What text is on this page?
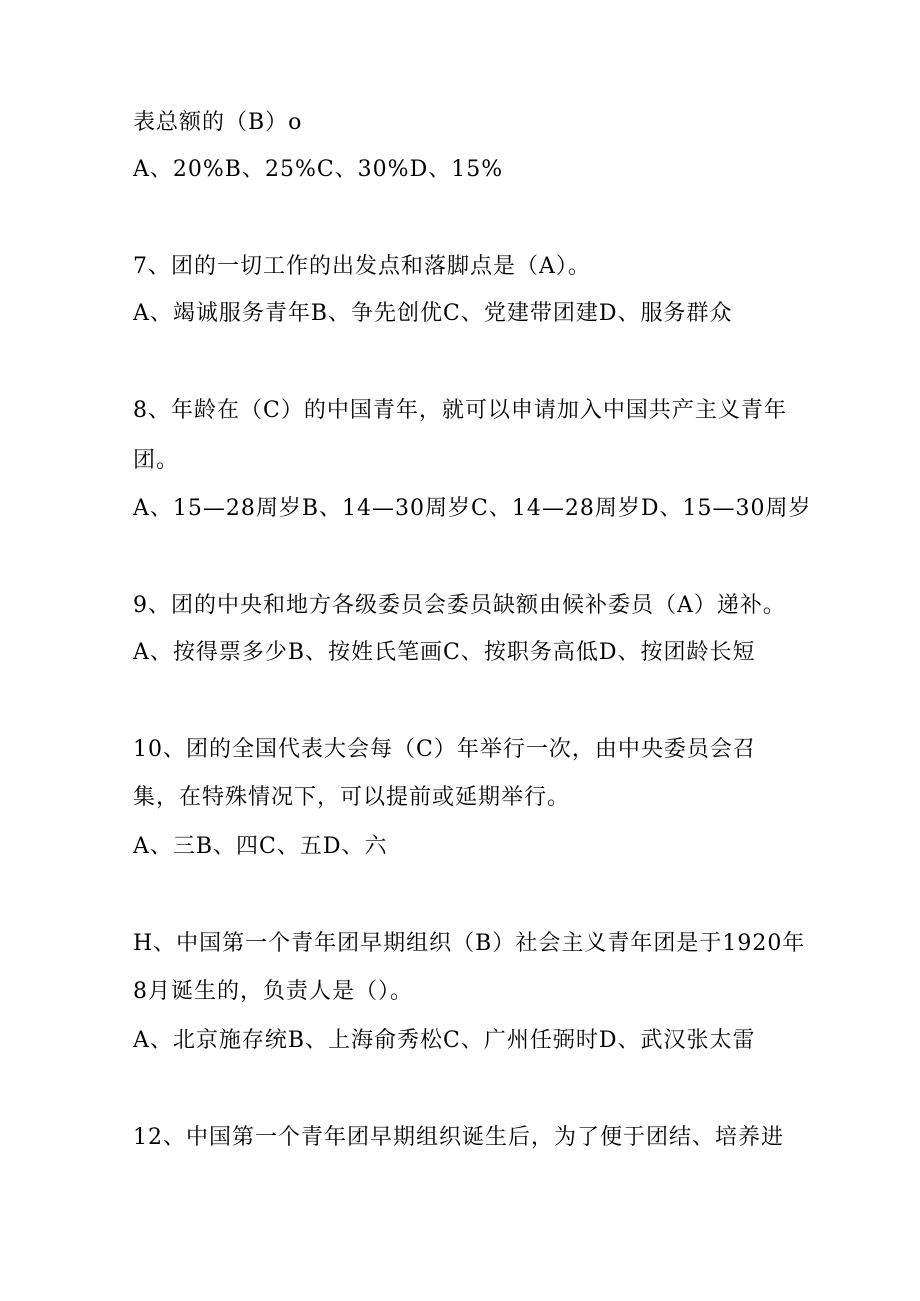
表总额的（B）o
A、20%B、25%C、30%D、15%
7、团的一切工作的出发点和落脚点是（A）。
A、竭诚服务青年B、争先创优C、党建带团建D、服务群众
8、年龄在（C）的中国青年，就可以申请加入中国共产主义青年
团。
A、15—28周岁B、14—30周岁C、14—28周岁D、15—30周岁
9、团的中央和地方各级委员会委员缺额由候补委员（A）递补。
A、按得票多少B、按姓氏笔画C、按职务高低D、按团龄长短
10、团的全国代表大会每（C）年举行一次，由中央委员会召
集，在特殊情况下，可以提前或延期举行。
A、三B、四C、五D、六
H、中国第一个青年团早期组织（B）社会主义青年团是于1920年
8月诞生的，负责人是（）。
A、北京施存统B、上海俞秀松C、广州任弼时D、武汉张太雷
12、中国第一个青年团早期组织诞生后，为了便于团结、培养进
